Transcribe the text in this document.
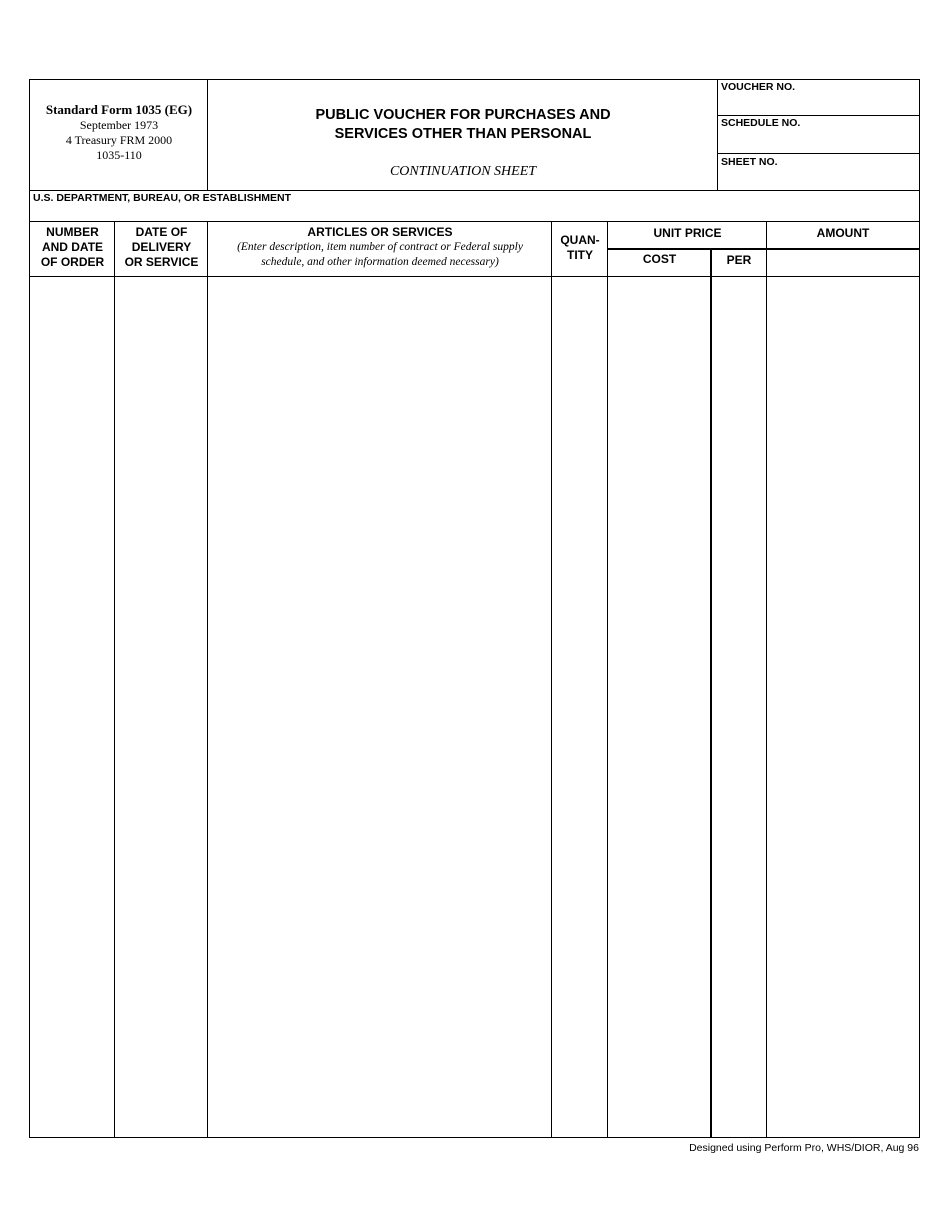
Standard Form 1035 (EG)
September 1973
4 Treasury FRM 2000
1035-110
PUBLIC VOUCHER FOR PURCHASES AND
SERVICES OTHER THAN PERSONAL
CONTINUATION SHEET
VOUCHER NO.
SCHEDULE NO.
SHEET NO.
U.S. DEPARTMENT, BUREAU, OR ESTABLISHMENT
NUMBER
AND DATE
OF ORDER
DATE OF
DELIVERY
OR SERVICE
ARTICLES OR SERVICES
(Enter description, item number of contract or Federal supply
schedule, and other information deemed necessary)
QUAN-
TITY
UNIT PRICE	AMOUNT
COST	PER
Designed using Perform Pro, WHS/DIOR, Aug 96
